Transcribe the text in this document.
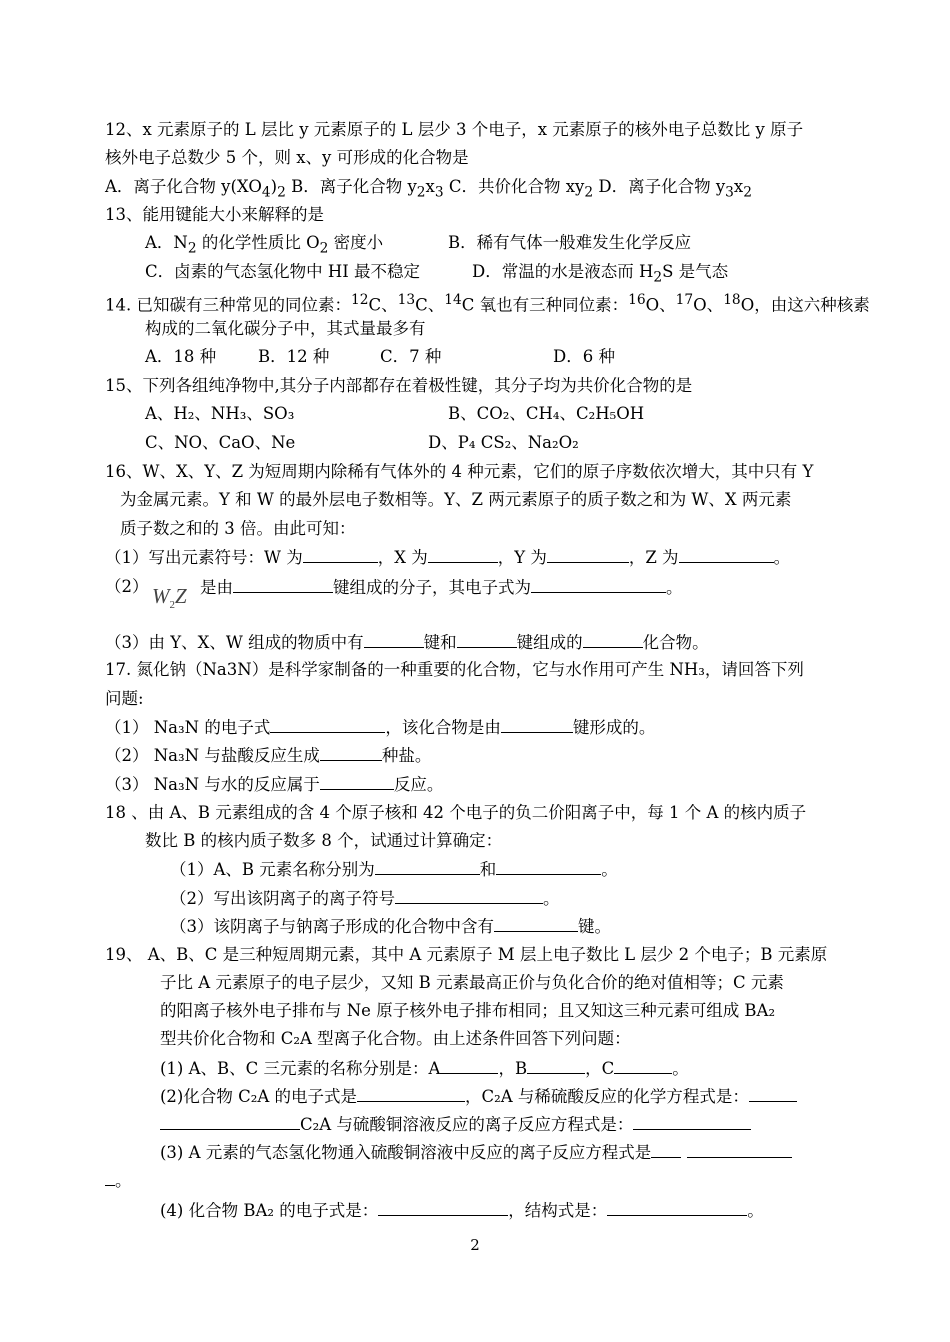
12、x 元素原子的 L 层比 y 元素原子的 L 层少 3 个电子，x 元素原子的核外电子总数比 y 原子
核外电子总数少 5 个，则 x、y 可形成的化合物是
A．离子化合物 $y(XO_4)_2$ B．离子化合物 $y_2x_3$ C．共价化合物 $xy_2$ D．离子化合物 $y_3x_2$
13、能用键能大小来解释的是
A．$N_2$ 的化学性质比 $O_2$ 密度小	B．稀有气体一般难发生化学反应
C．卤素的气态氢化物中 HI 最不稳定	D．常温的水是液态而 $H_2S$ 是气态
14. 已知碳有三种常见的同位素：$^{12}$C、$^{13}$C、$^{14}$C 氧也有三种同位素：$^{16}$O、$^{17}$O、$^{18}$O，由这六种核素
构成的二氧化碳分子中，其式量最多有
A．18 种	B．12 种	C．7 种	D．6 种
15、下列各组纯净物中,其分子内部都存在着极性键，其分子均为共价化合物的是
A、H₂、NH₃、SO₃	B、CO₂、CH₄、C₂H₅OH
C、NO、CaO、Ne	D、P₄ CS₂、Na₂O₂
16、W、X、Y、Z 为短周期内除稀有气体外的 4 种元素，它们的原子序数依次增大，其中只有 Y
为金属元素。Y 和 W 的最外层电子数相等。Y、Z 两元素原子的质子数之和为 W、X 两元素
质子数之和的 3 倍。由此可知：
（1）写出元素符号：W 为	，X 为	，Y 为	，Z 为	。
（2） $W_2Z$ 是由	键组成的分子，其电子式为	。
（3）由 Y、X、W 组成的物质中有	键和	键组成的	化合物。
17. 氮化钠（Na3N）是科学家制备的一种重要的化合物，它与水作用可产生 NH₃，请回答下列
问题:
（1） Na₃N 的电子式	，该化合物是由	键形成的。
（2） Na₃N 与盐酸反应生成	种盐。
（3） Na₃N 与水的反应属于	反应。
18 、由 A、B 元素组成的含 4 个原子核和 42 个电子的负二价阳离子中，每 1 个 A 的核内质子
数比 B 的核内质子数多 8 个，试通过计算确定：
（1）A、B 元素名称分别为	和	。
（2）写出该阴离子的离子符号	。
（3）该阴离子与钠离子形成的化合物中含有	键。
19、 A、B、C 是三种短周期元素，其中 A 元素原子 M 层上电子数比 L 层少 2 个电子；B 元素原
子比 A 元素原子的电子层少，又知 B 元素最高正价与负化合价的绝对值相等；C 元素
的阳离子核外电子排布与 Ne 原子核外电子排布相同；且又知这三种元素可组成 BA₂
型共价化合物和 C₂A 型离子化合物。由上述条件回答下列问题：
(1) A、B、C 三元素的名称分别是：A	，B	，C	。
(2)化合物 C₂A 的电子式是	，C₂A 与稀硫酸反应的化学方程式是：
C₂A 与硫酸铜溶液反应的离子反应方程式是：
(3) A 元素的气态氢化物通入硫酸铜溶液中反应的离子反应方程式是
。
(4) 化合物 BA₂ 的电子式是：	，结构式是：	。
2
